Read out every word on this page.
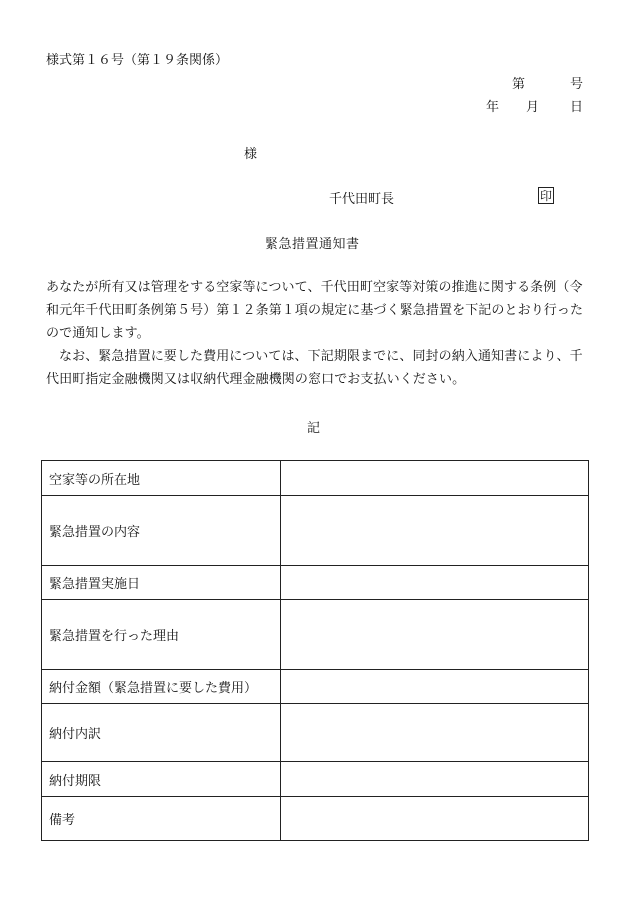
様式第１６号（第１９条関係）
第	号
年 月 日
様
千代田町長	印
緊急措置通知書

あなたが所有又は管理をする空家等について、千代田町空家等対策の推進に関する条例（令和元年千代田町条例第５号）第１２条第１項の規定に基づく緊急措置を下記のとおり行ったので通知します。

なお、緊急措置に要した費用については、下記期限までに、同封の納入通知書により、千代田町指定金融機関又は収納代理金融機関の窓口でお支払いください。

記
空家等の所在地	
緊急措置の内容	
緊急措置実施日	
緊急措置を行った理由	
納付金額（緊急措置に要した費用）	
納付内訳	
納付期限	
備考	
